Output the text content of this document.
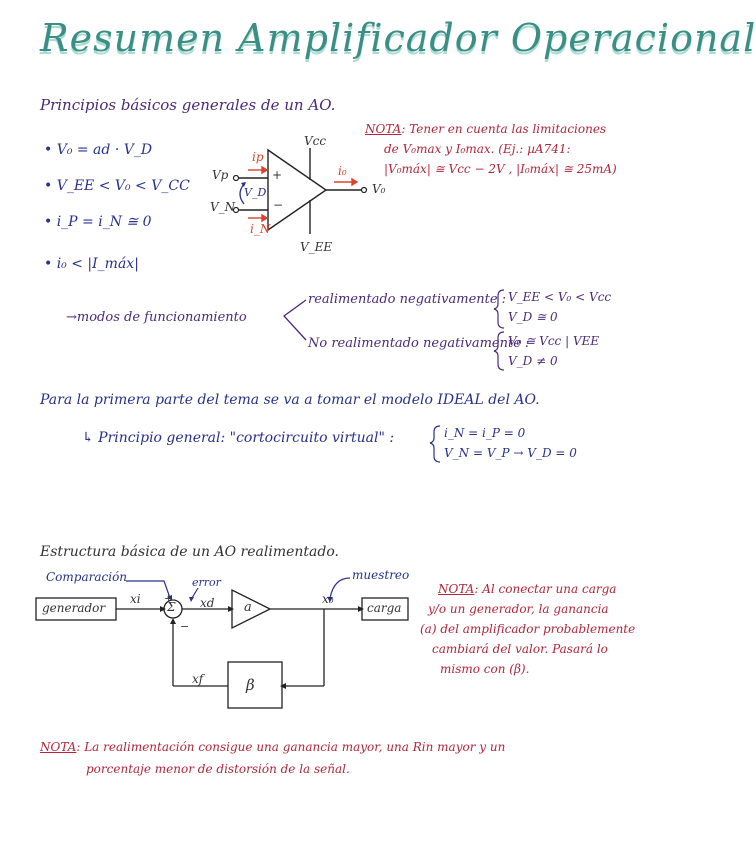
Resumen Amplificador Operacional
Principios básicos generales de un AO.
• V₀ = ad · V_D
• V_EE < V₀ < V_CC
• i_P = i_N ≅ 0
• i₀ < |I_máx|
Vcc
V_EE
Vp
V_N
V₀
ip
i_N
i₀
V_D
+
−
NOTA: Tener en cuenta las limitaciones
de V₀max y I₀max. (Ej.: µA741:
|V₀máx| ≅ Vcc − 2V , |I₀máx| ≅ 25mA)
→modos de funcionamiento
realimentado negativamente : V_EE < V₀ < Vcc
V_D ≅ 0
No realimentado negativamente :
V₀ ≅ Vcc | VEE
V_D ≠ 0
Para la primera parte del tema se va a tomar el modelo IDEAL del AO.
↳ Principio general: "cortocircuito virtual" :	i_N = i_P = 0
V_N = V_P → V_D = 0
Estructura básica de un AO realimentado.
generador	carga
a
β
Σ
+
−
xi	xd	x₀
xf
Comparación	error
muestreo
NOTA: Al conectar una carga
y/o un generador, la ganancia
(a) del amplificador probablemente
cambiará del valor. Pasará lo
mismo con (β).
NOTA: La realimentación consigue una ganancia mayor, una Rin mayor y un
porcentaje menor de distorsión de la señal.
